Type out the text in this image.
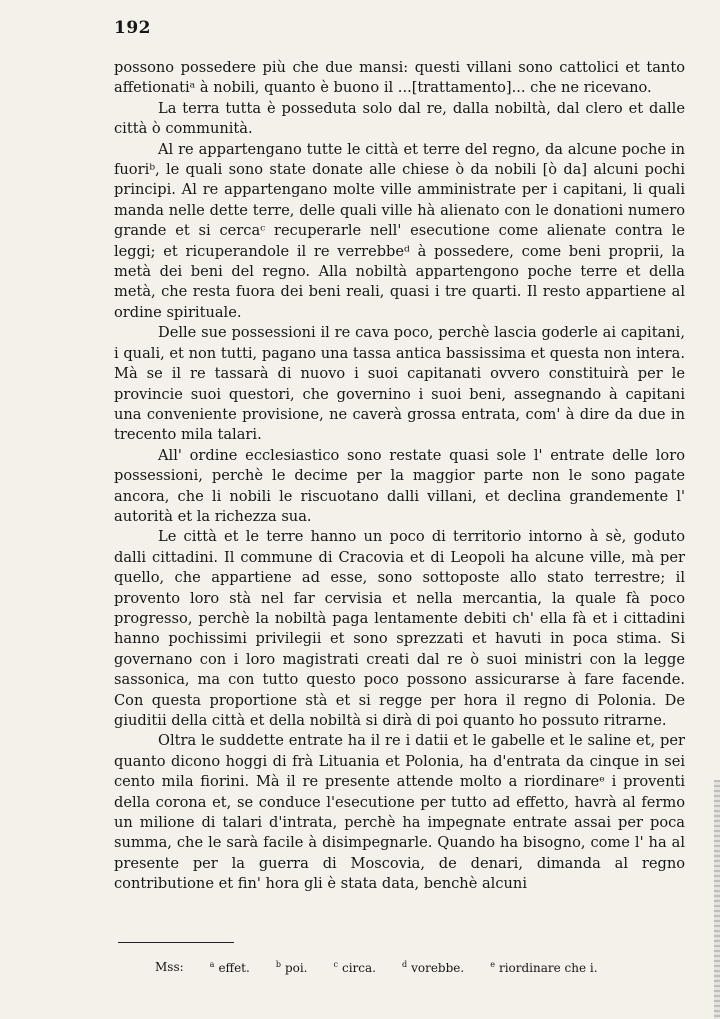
192

possono possedere più che due mansi: questi villani sono cattolici et tanto affetionatiᵃ à nobili, quanto è buono il ...[trattamento]... che ne ricevano.

La terra tutta è posseduta solo dal re, dalla nobiltà, dal clero et dalle città ò communità.

Al re appartengano tutte le città et terre del regno, da alcune poche in fuoriᵇ, le quali sono state donate alle chiese ò da nobili [ò da] alcuni pochi principi. Al re appartengano molte ville amministrate per i capitani, li quali manda nelle dette terre, delle quali ville hà alienato con le donationi numero grande et si cercaᶜ recuperarle nell' esecutione come alienate contra le leggi; et ricuperandole il re verrebbeᵈ à possedere, come beni proprii, la metà dei beni del regno. Alla nobiltà appartengono poche terre et della metà, che resta fuora dei beni reali, quasi i tre quarti. Il resto appartiene al ordine spirituale.

Delle sue possessioni il re cava poco, perchè lascia goderle ai capitani, i quali, et non tutti, pagano una tassa antica bassissima et questa non intera. Mà se il re tassarà di nuovo i suoi capitanati ovvero constituirà per le provincie suoi questori, che governino i suoi beni, assegnando à capitani una conveniente provisione, ne caverà grossa entrata, com' à dire da due in trecento mila talari.

All' ordine ecclesiastico sono restate quasi sole l' entrate delle loro possessioni, perchè le decime per la maggior parte non le sono pagate ancora, che li nobili le riscuotano dalli villani, et declina grandemente l' autorità et la richezza sua.

Le città et le terre hanno un poco di territorio intorno à sè, goduto dalli cittadini. Il commune di Cracovia et di Leopoli ha alcune ville, mà per quello, che appartiene ad esse, sono sottoposte allo stato terrestre; il provento loro stà nel far cervisia et nella mercantia, la quale fà poco progresso, perchè la nobiltà paga lentamente debiti ch' ella fà et i cittadini hanno pochissimi privilegii et sono sprezzati et havuti in poca stima. Si governano con i loro magistrati creati dal re ò suoi ministri con la legge sassonica, ma con tutto questo poco possono assicurarse à fare facende. Con questa proportione stà et si regge per hora il regno di Polonia. De giuditii della città et della nobiltà si dirà di poi quanto ho possuto ritrarne.

Oltra le suddette entrate ha il re i datii et le gabelle et le saline et, per quanto dicono hoggi di frà Lituania et Polonia, ha d'entrata da cinque in sei cento mila fiorini. Mà il re presente attende molto a riordinareᵉ i proventi della corona et, se conduce l'esecutione per tutto ad effetto, havrà al fermo un milione di talari d'intrata, perchè ha impegnate entrate assai per poca summa, che le sarà facile à disimpegnarle. Quando ha bisogno, come l' ha al presente per la guerra di Moscovia, de denari, dimanda al regno contributione et fin' hora gli è stata data, benchè alcuni

Mss:	$^a$ effet.	$^b$ poi.	$^c$ circa.	$^d$ vorebbe.	$^e$ riordinare che i.
